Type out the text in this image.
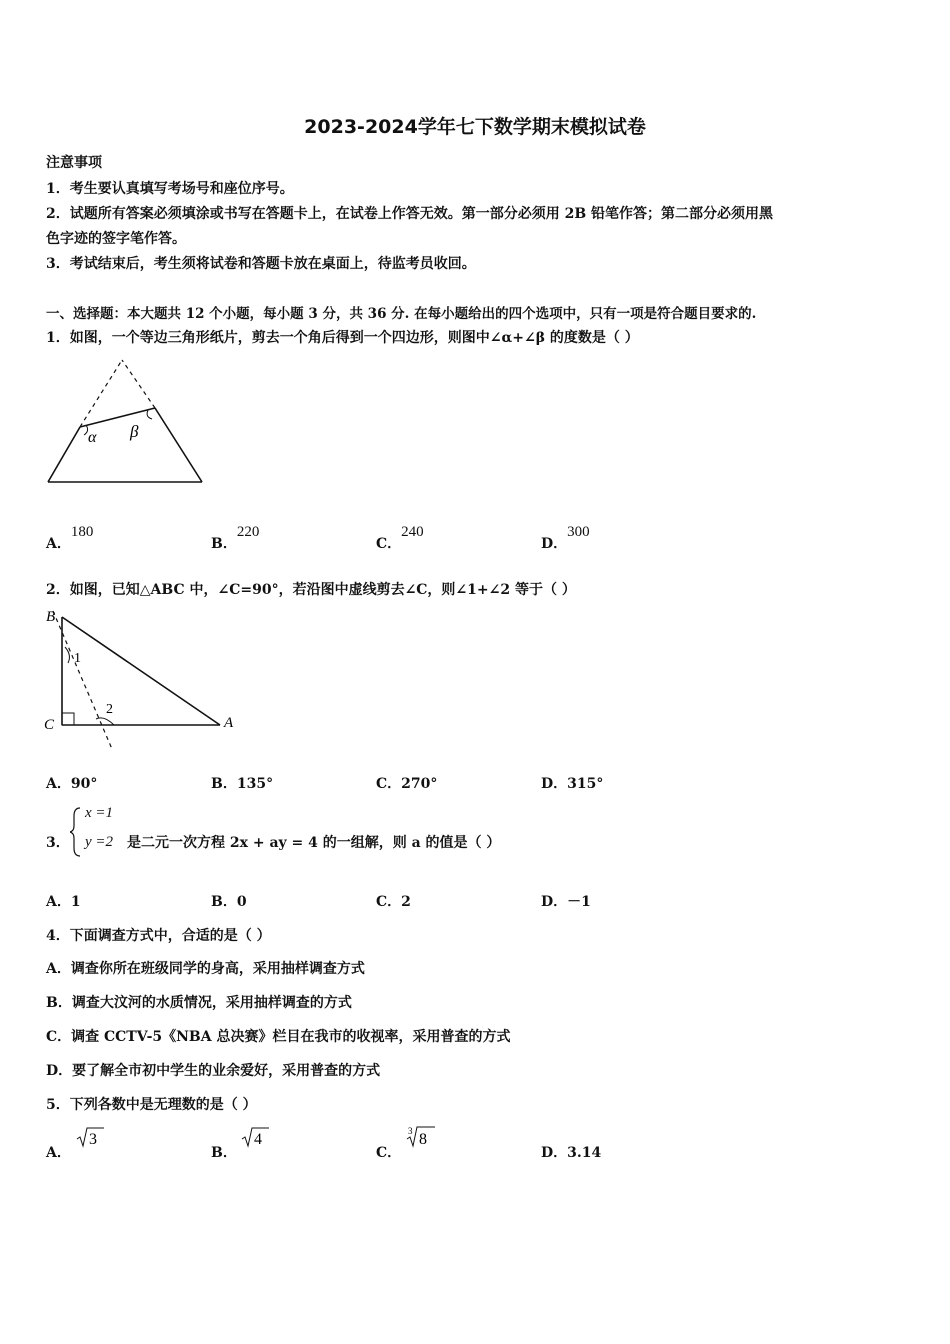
2023-2024学年七下数学期末模拟试卷
注意事项
1．考生要认真填写考场号和座位序号。
2．试题所有答案必须填涂或书写在答题卡上，在试卷上作答无效。第一部分必须用 2B 铅笔作答；第二部分必须用黑
色字迹的签字笔作答。
3．考试结束后，考生须将试卷和答题卡放在桌面上，待监考员收回。
一、选择题：本大题共 12 个小题，每小题 3 分，共 36 分. 在每小题给出的四个选项中，只有一项是符合题目要求的.
1．如图，一个等边三角形纸片，剪去一个角后得到一个四边形，则图中∠α+∠β 的度数是（ ）
α β
A．180
B．220
C．240
D．300
2．如图，已知△ABC 中，∠C=90°，若沿图中虚线剪去∠C，则∠1+∠2 等于（ ）
B
C	A
1
2
A．90°	B．135°	C．270°	D．315°
3．
x =1
y =2 是二元一次方程 2x + ay = 4 的一组解，则 a 的值是（ ）
A．1	B．0	C．2	D．－1
4．下面调查方式中，合适的是（ ）
A．调查你所在班级同学的身高，采用抽样调查方式
B．调查大汶河的水质情况，采用抽样调查的方式
C．调查 CCTV-5《NBA 总决赛》栏目在我市的收视率，采用普查的方式
D．要了解全市初中学生的业余爱好，采用普查的方式
5．下列各数中是无理数的是（ ）
A．
3
B．
4
C．
3 8
D．3.14
